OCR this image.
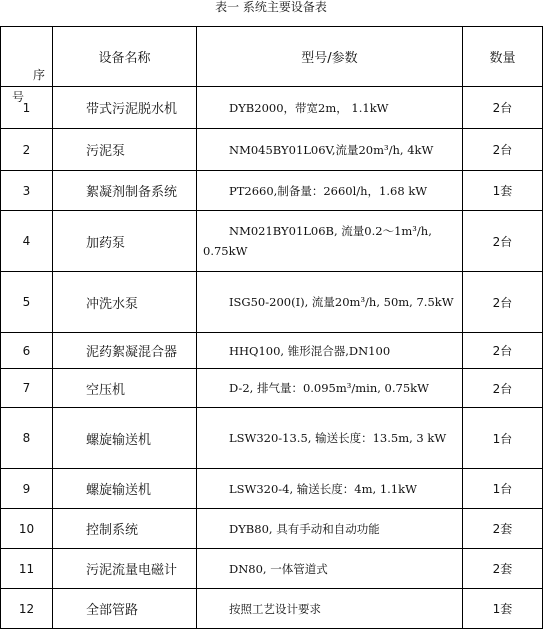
表一 系统主要设备表
序
号	设备名称	型号/参数	数量
1	带式污泥脱水机	DYB2000，带宽2m， 1.1kW	2台
2	污泥泵	NM045BY01L06V,流量20m³/h, 4kW	2台
3	絮凝剂制备系统	PT2660,制备量：2660l/h，1.68 kW	1套
4	加药泵	NM021BY01L06B, 流量0.2～1m³/h, 0.75kW	2台
5	冲洗水泵	ISG50-200(I), 流量20m³/h, 50m, 7.5kW	2台
6	泥药絮凝混合器	HHQ100, 锥形混合器,DN100	2台
7	空压机	D-2, 排气量：0.095m³/min, 0.75kW	2台
8	螺旋输送机	LSW320-13.5, 输送长度：13.5m, 3 kW	1台
9	螺旋输送机	LSW320-4, 输送长度：4m, 1.1kW	1台
10	控制系统	DYB80, 具有手动和自动功能	2套
11	污泥流量电磁计	DN80, 一体管道式	2套
12	全部管路	按照工艺设计要求	1套
